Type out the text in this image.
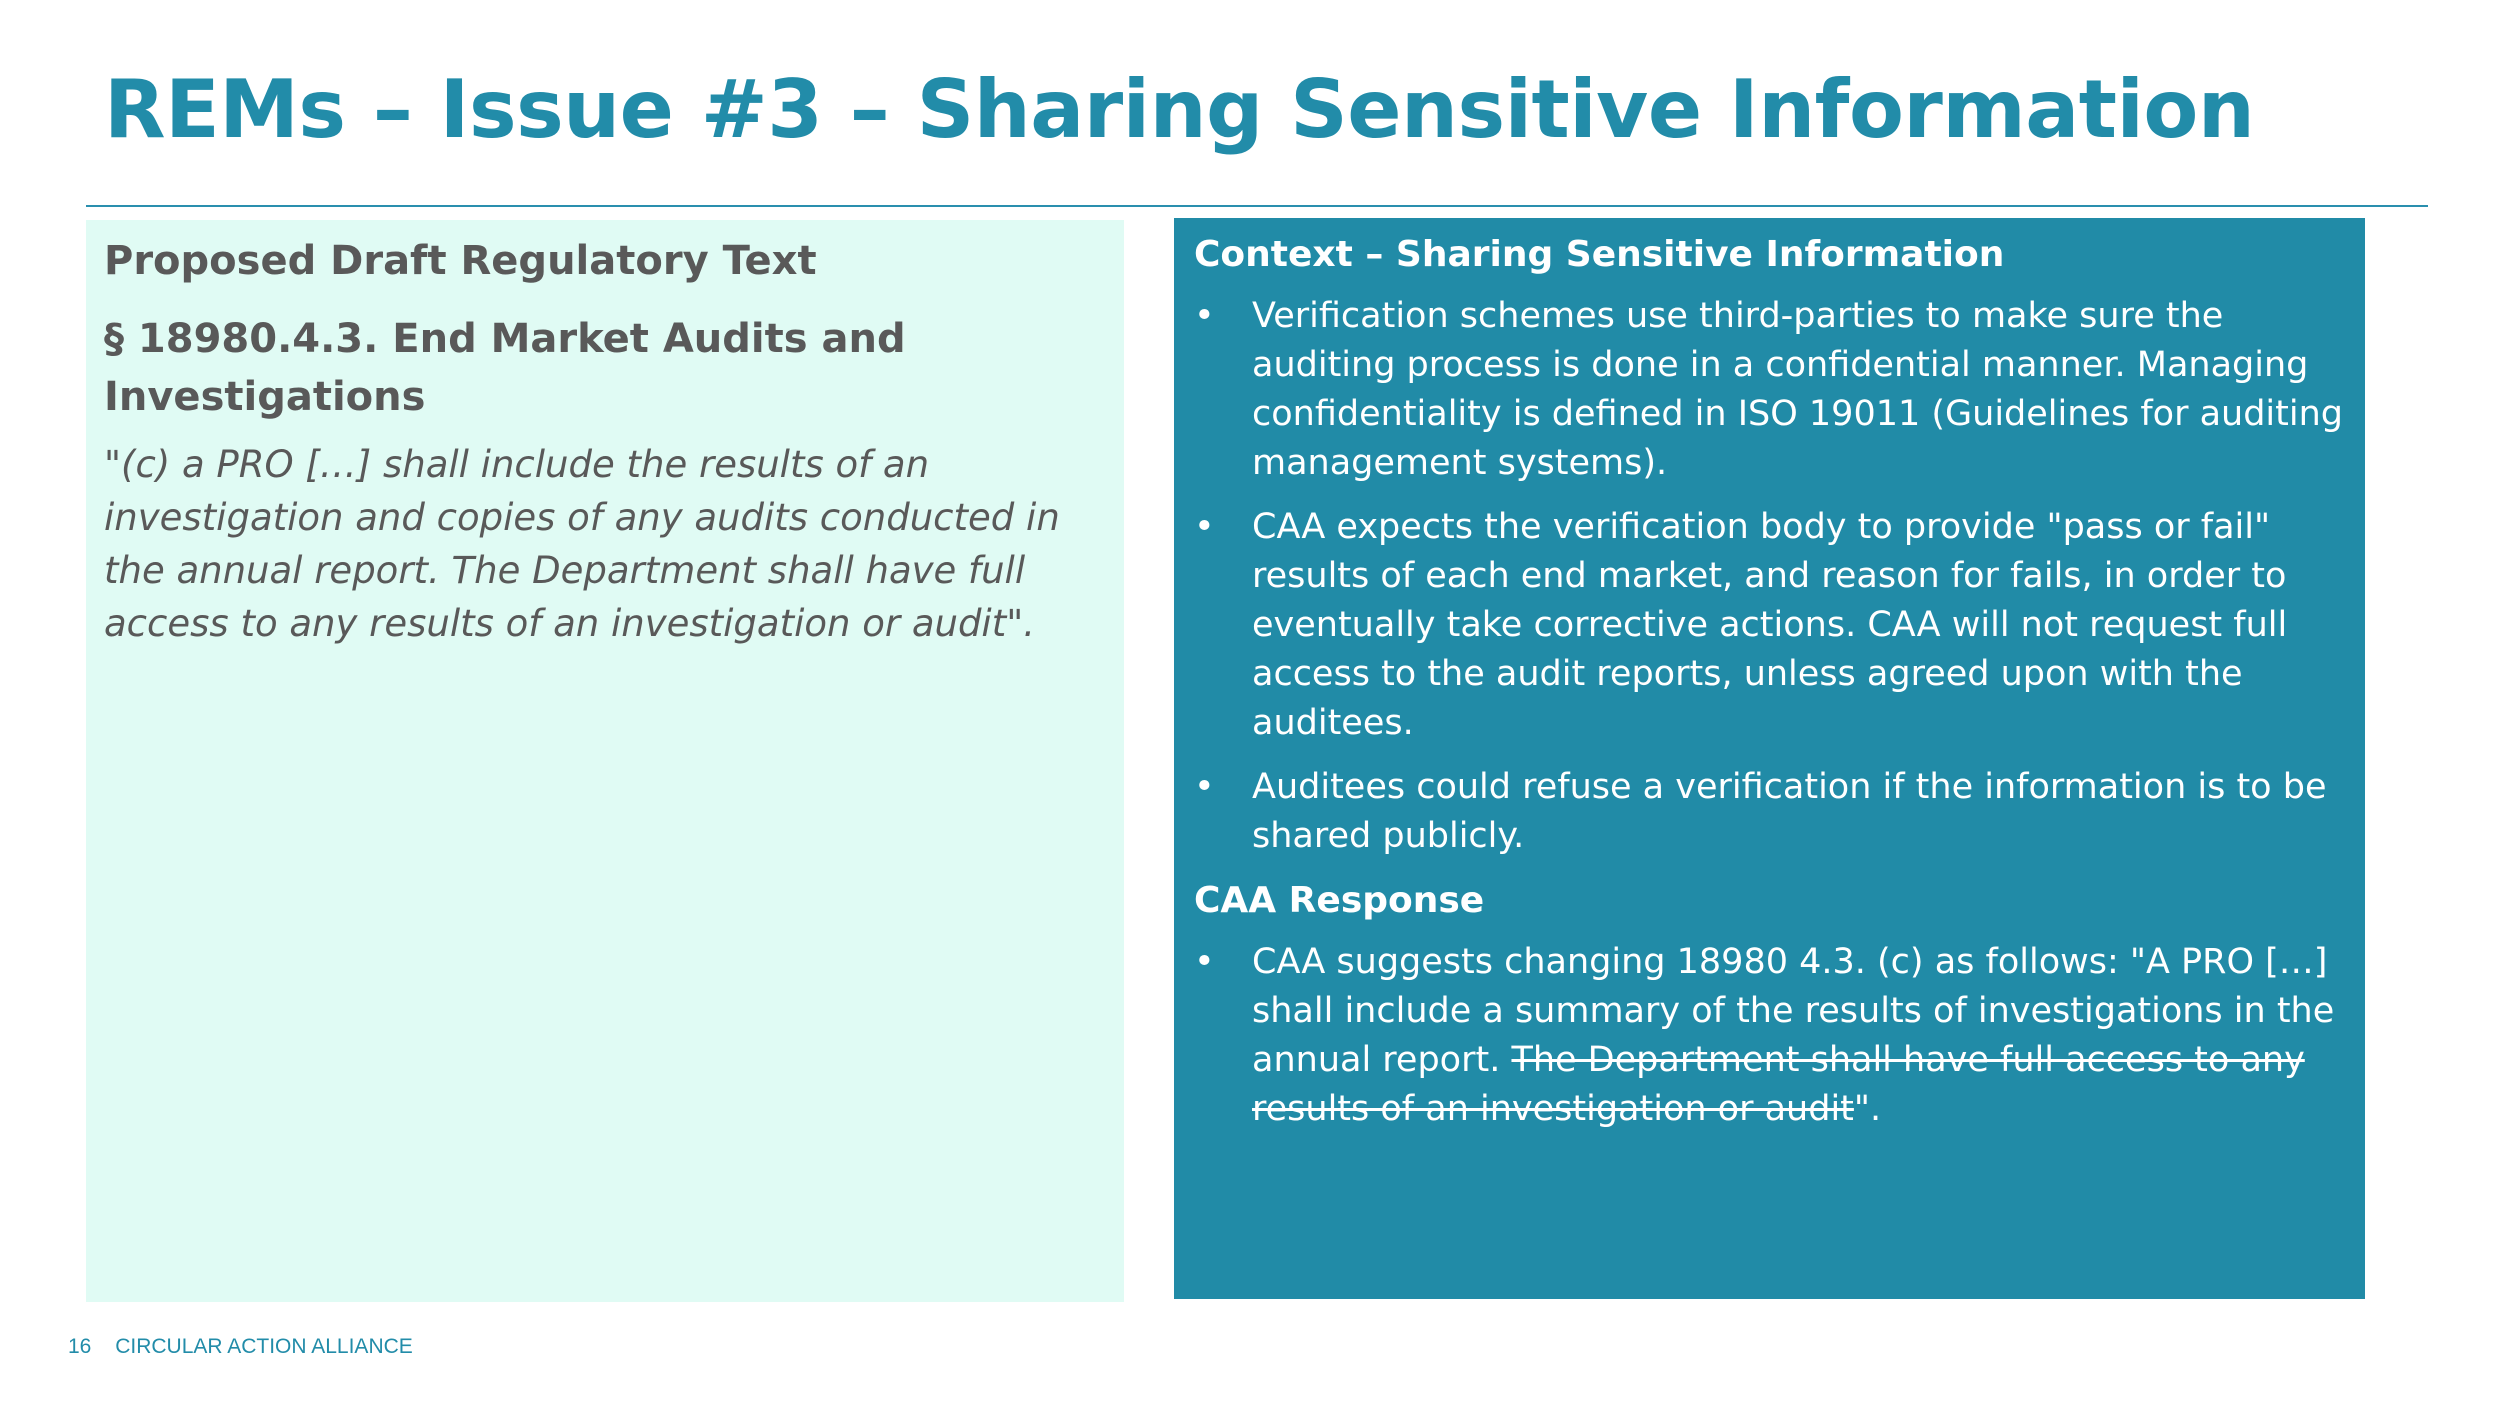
REMs – Issue #3 – Sharing Sensitive Information
Proposed Draft Regulatory Text
§ 18980.4.3. End Market Audits and Investigations

"(c) a PRO […] shall include the results of an investigation and copies of any audits conducted in the annual report. The Department shall have full access to any results of an investigation or audit".

Context – Sharing Sensitive Information
• Verification schemes use third-parties to make sure the auditing process is done in a confidential manner. Managing confidentiality is defined in ISO 19011 (Guidelines for auditing management systems).
• CAA expects the verification body to provide "pass or fail" results of each end market, and reason for fails, in order to eventually take corrective actions. CAA will not request full access to the audit reports, unless agreed upon with the auditees.
• Auditees could refuse a verification if the information is to be shared publicly.
CAA Response
• CAA suggests changing 18980 4.3. (c) as follows: "A PRO […] shall include a summary of the results of investigations in the annual report. The Department shall have full access to any results of an investigation or audit".
16 CIRCULAR ACTION ALLIANCE
